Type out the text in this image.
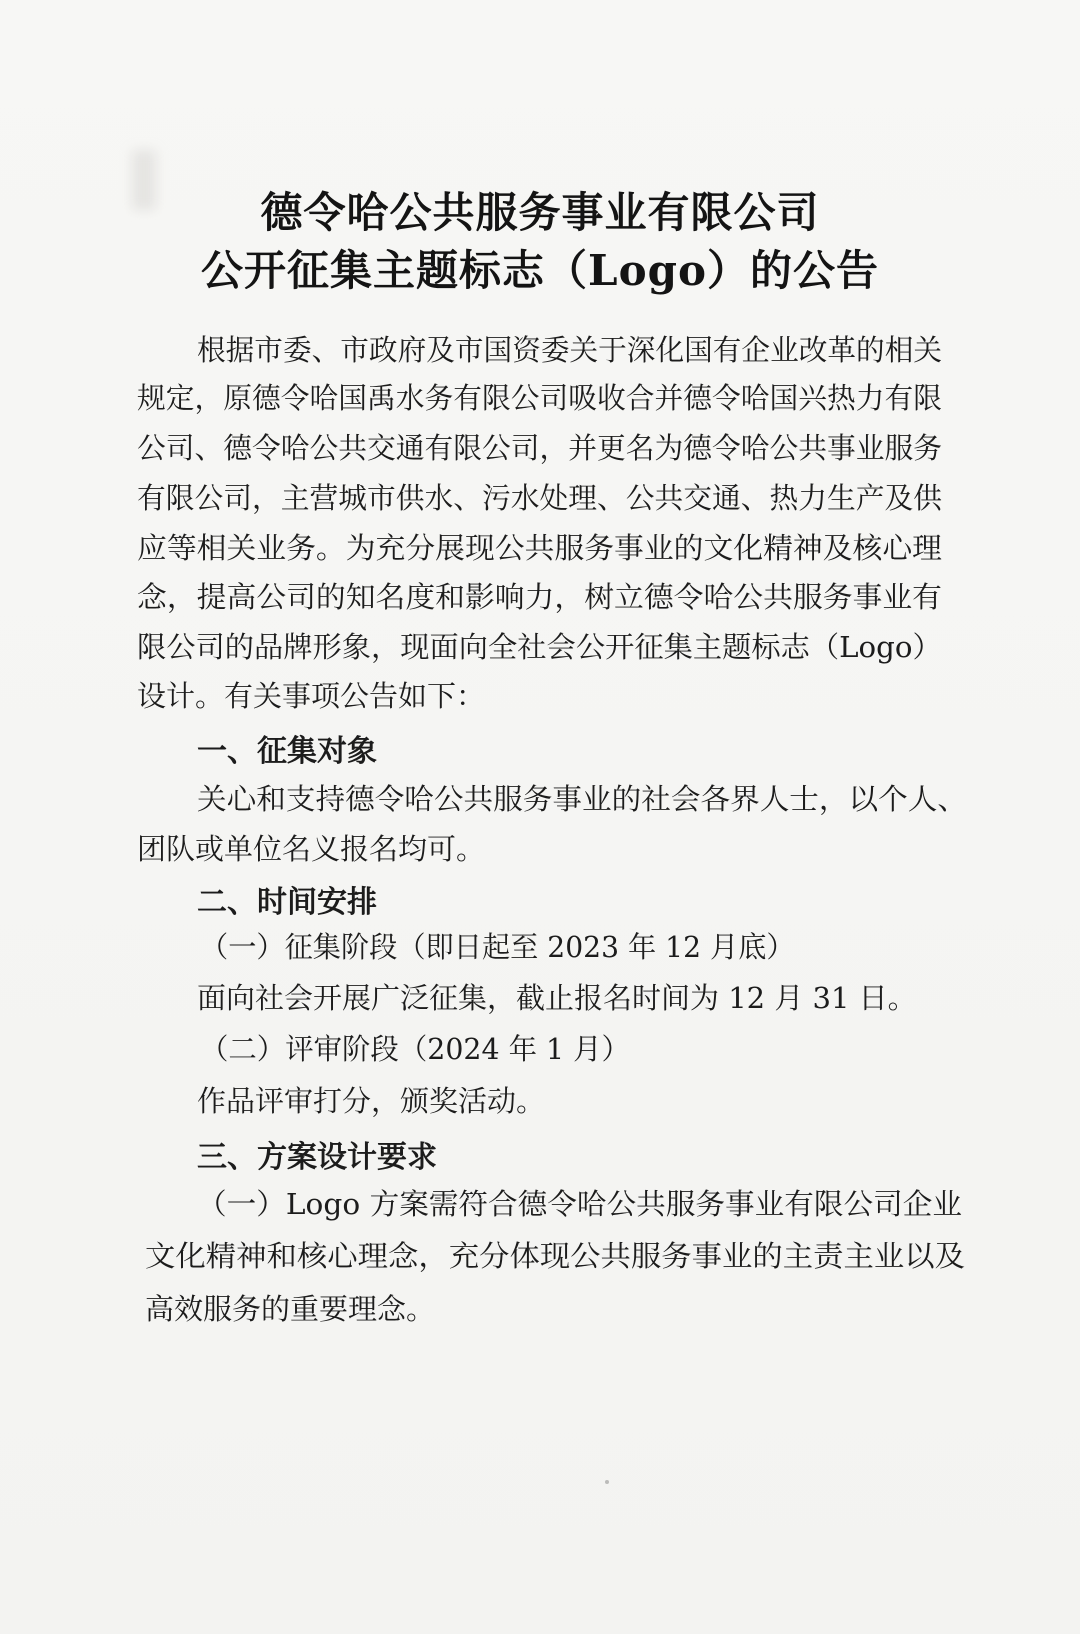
德令哈公共服务事业有限公司
公开征集主题标志（Logo）的公告
根据市委、市政府及市国资委关于深化国有企业改革的相关
规定，原德令哈国禹水务有限公司吸收合并德令哈国兴热力有限
公司、德令哈公共交通有限公司，并更名为德令哈公共事业服务
有限公司，主营城市供水、污水处理、公共交通、热力生产及供
应等相关业务。为充分展现公共服务事业的文化精神及核心理
念，提高公司的知名度和影响力，树立德令哈公共服务事业有
限公司的品牌形象，现面向全社会公开征集主题标志（Logo）
设计。有关事项公告如下：
一、征集对象
关心和支持德令哈公共服务事业的社会各界人士，以个人、
团队或单位名义报名均可。
二、时间安排
（一）征集阶段（即日起至 2023 年 12 月底）
面向社会开展广泛征集，截止报名时间为 12 月 31 日。
（二）评审阶段（2024 年 1 月）
作品评审打分，颁奖活动。
三、方案设计要求
（一）Logo 方案需符合德令哈公共服务事业有限公司企业
文化精神和核心理念，充分体现公共服务事业的主责主业以及
高效服务的重要理念。
